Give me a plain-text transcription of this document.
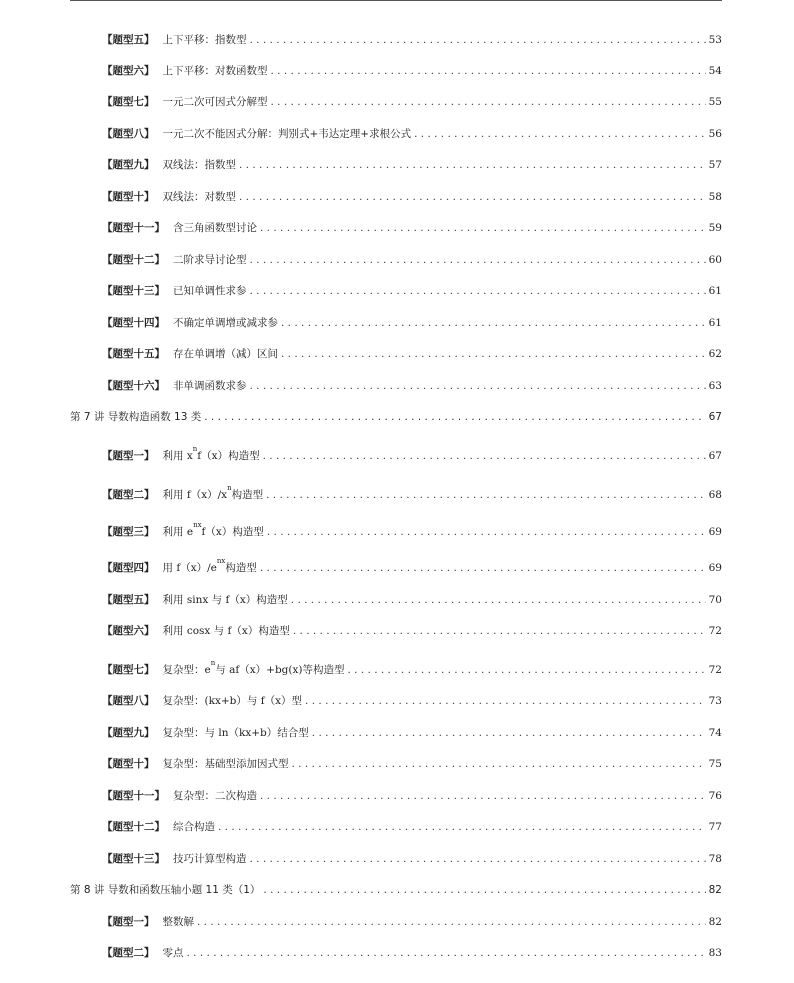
【题型五】 上下平移：指数型 . . .	53
【题型六】 上下平移：对数函数型 . . .	54
【题型七】 一元二次可因式分解型 . . .	55
【题型八】 一元二次不能因式分解：判别式+韦达定理+求根公式 . . .	56
【题型九】 双线法：指数型 . . .	57
【题型十】 双线法：对数型 . . .	58
【题型十一】 含三角函数型讨论 . . .	59
【题型十二】 二阶求导讨论型 . . .	60
【题型十三】 已知单调性求参 . . .	61
【题型十四】 不确定单调增或减求参 . . .	61
【题型十五】 存在单调增（减）区间 . . .	62
【题型十六】 非单调函数求参 . . .	63
第 7 讲 导数构造函数 13 类 . . .	67
【题型一】 利用 $x^nf(x)$构造型 . . .	67
【题型二】 利用 $f(x)/x^n$构造型 . . .	68
【题型三】 利用 $e^{nx}f(x)$构造型 . . .	69
【题型四】 用 $f(x)/e^{nx}$构造型 . . .	69
【题型五】 利用 sinx 与 f（x）构造型 . . .	70
【题型六】 利用 cosx 与 f（x）构造型 . . .	72
【题型七】 复杂型：$e^n$与 af（x）+bg(x)等构造型 . . .	72
【题型八】 复杂型：(kx+b）与 f（x）型 . . .	73
【题型九】 复杂型：与 ln（kx+b）结合型 . . .	74
【题型十】 复杂型：基础型添加因式型 . . .	75
【题型十一】 复杂型：二次构造 . . .	76
【题型十二】 综合构造 . . .	77
【题型十三】 技巧计算型构造 . . .	78
第 8 讲 导数和函数压轴小题 11 类（1） . . .	82
【题型一】 整数解 . . .	82
【题型二】 零点 . . .	83
